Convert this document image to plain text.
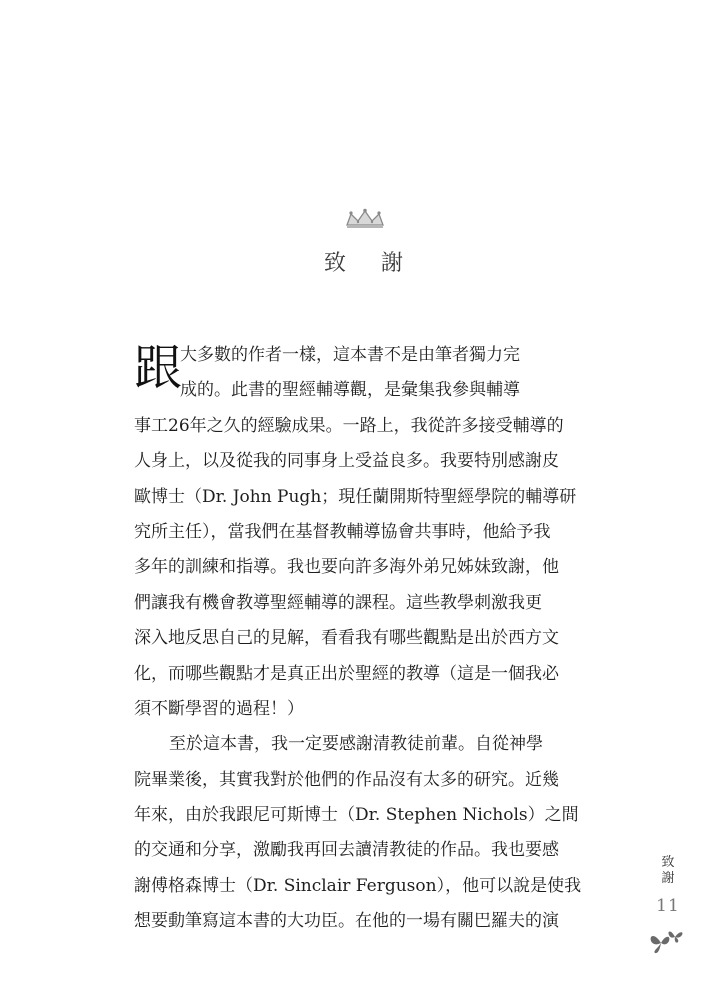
致 謝
跟
大多數的作者一樣，這本書不是由筆者獨力完
成的。此書的聖經輔導觀，是彙集我參與輔導
事工26年之久的經驗成果。一路上，我從許多接受輔導的
人身上，以及從我的同事身上受益良多。我要特別感謝皮
歐博士（Dr. John Pugh；現任蘭開斯特聖經學院的輔導研
究所主任），當我們在基督教輔導協會共事時，他給予我
多年的訓練和指導。我也要向許多海外弟兄姊妹致謝，他
們讓我有機會教導聖經輔導的課程。這些教學刺激我更
深入地反思自己的見解，看看我有哪些觀點是出於西方文
化，而哪些觀點才是真正出於聖經的教導（這是一個我必
須不斷學習的過程！）
至於這本書，我一定要感謝清教徒前輩。自從神學
院畢業後，其實我對於他們的作品沒有太多的研究。近幾
年來，由於我跟尼可斯博士（Dr. Stephen Nichols）之間
的交通和分享，激勵我再回去讀清教徒的作品。我也要感
謝傅格森博士（Dr. Sinclair Ferguson），他可以說是使我
想要動筆寫這本書的大功臣。在他的一場有關巴羅夫的演
致謝
11
